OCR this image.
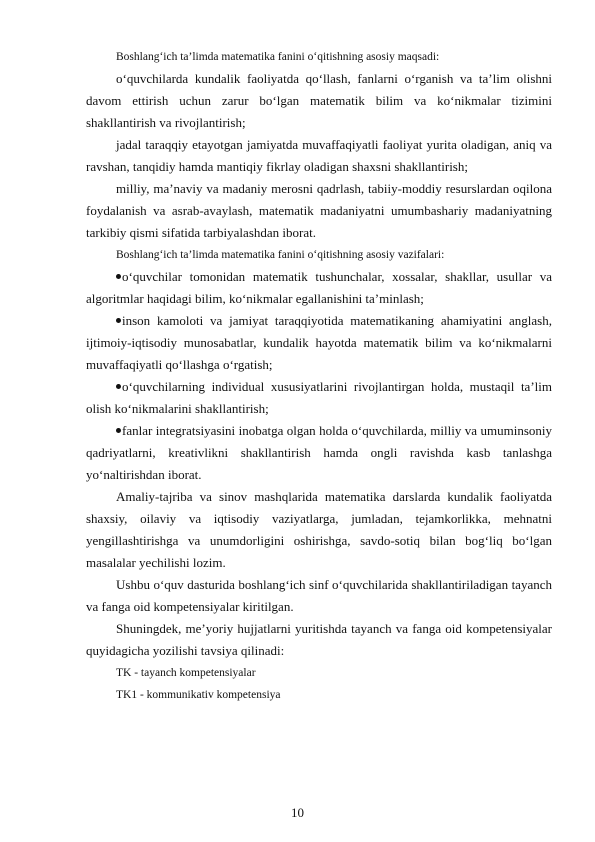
Boshlang‘ich ta’limda matematika fanini o‘qitishning asosiy maqsadi:

o‘quvchilarda kundalik faoliyatda qo‘llash, fanlarni o‘rganish va ta’lim olishni davom ettirish uchun zarur bo‘lgan matematik bilim va ko‘nikmalar tizimini shakllantirish va rivojlantirish;

jadal taraqqiy etayotgan jamiyatda muvaffaqiyatli faoliyat yurita oladigan, aniq va ravshan, tanqidiy hamda mantiqiy fikrlay oladigan shaxsni shakllantirish;

milliy, ma’naviy va madaniy merosni qadrlash, tabiiy-moddiy resurslardan oqilona foydalanish va asrab-avaylash, matematik madaniyatni umumbashariy madaniyatning tarkibiy qismi sifatida tarbiyalashdan iborat.

Boshlang‘ich ta’limda matematika fanini o‘qitishning asosiy vazifalari:

o‘quvchilar tomonidan matematik tushunchalar, xossalar, shakllar, usullar va algoritmlar haqidagi bilim, ko‘nikmalar egallanishini ta’minlash;

inson kamoloti va jamiyat taraqqiyotida matematikaning ahamiyatini anglash, ijtimoiy-iqtisodiy munosabatlar, kundalik hayotda matematik bilim va ko‘nikmalarni muvaffaqiyatli qo‘llashga o‘rgatish;

o‘quvchilarning individual xususiyatlarini rivojlantirgan holda, mustaqil ta’lim olish ko‘nikmalarini shakllantirish;

fanlar integratsiyasini inobatga olgan holda o‘quvchilarda, milliy va umuminsoniy qadriyatlarni, kreativlikni shakllantirish hamda ongli ravishda kasb tanlashga yo‘naltirishdan iborat.

Amaliy-tajriba va sinov mashqlarida matematika darslarda kundalik faoliyatda shaxsiy, oilaviy va iqtisodiy vaziyatlarga, jumladan, tejamkorlikka, mehnatni yengillashtirishga va unumdorligini oshirishga, savdo-sotiq bilan bog‘liq bo‘lgan masalalar yechilishi lozim.

Ushbu o‘quv dasturida boshlang‘ich sinf o‘quvchilarida shakllantiriladigan tayanch va fanga oid kompetensiyalar kiritilgan.

Shuningdek, me’yoriy hujjatlarni yuritishda tayanch va fanga oid kompetensiyalar quyidagicha yozilishi tavsiya qilinadi:

TK - tayanch kompetensiyalar

TK1 - kommunikativ kompetensiya

10
